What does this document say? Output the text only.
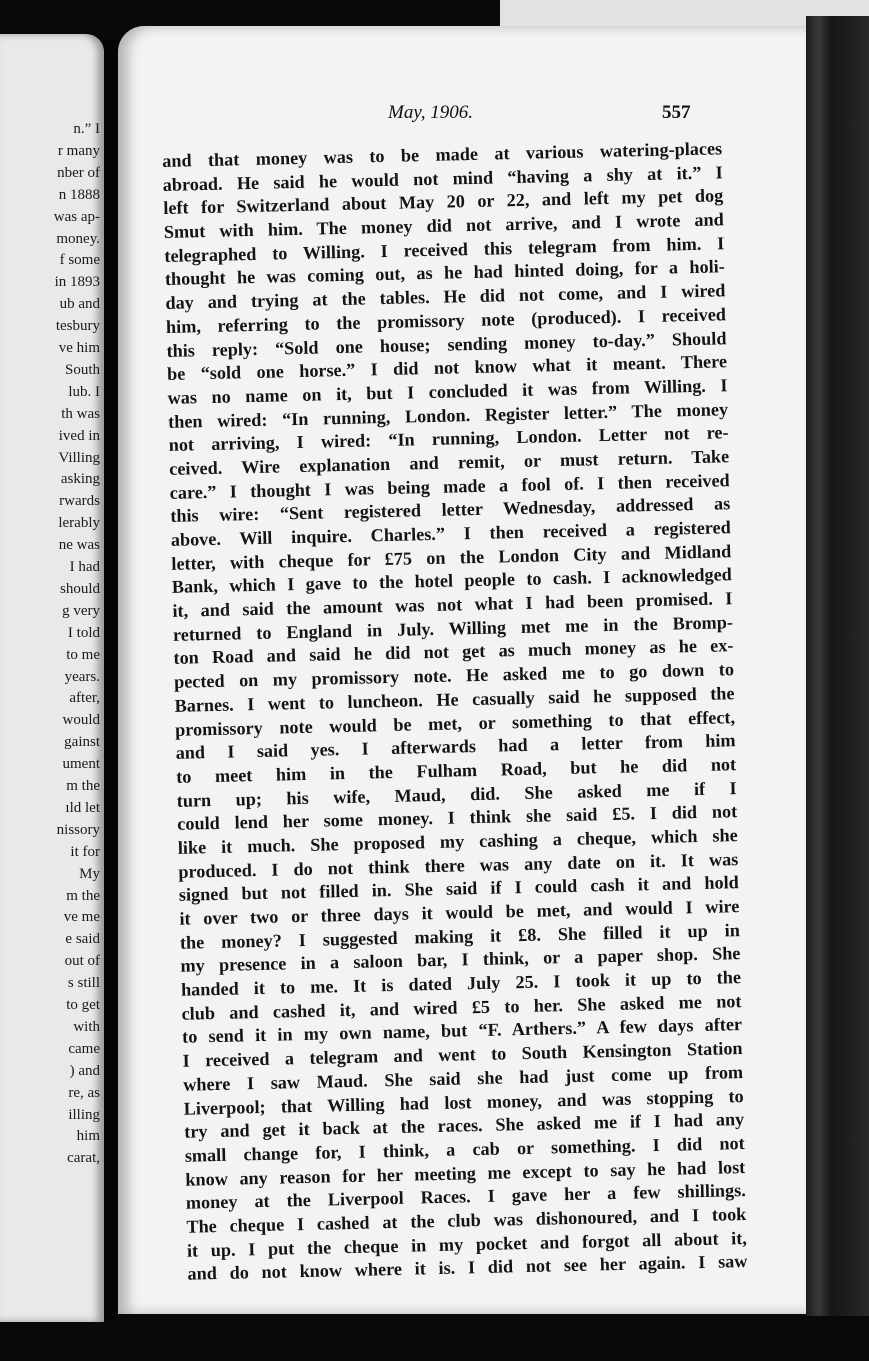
n.” I
r many
nber of
n 1888
was ap-
money.
f some
in 1893
ub and
tesbury
ve him
South
lub. I
th was
ived in
Villing
asking
rwards
lerably
ne was
I had
should
g very
I told
to me
years.
after,
would
gainst
ument
m the
ıld let
nissory
it for
My
m the
ve me
e said
out of
s still
to get
with
came
) and
re, as
illing
him
carat,
May, 1906.	557
and that money was to be made at various watering-places
abroad. He said he would not mind “having a shy at it.” I
left for Switzerland about May 20 or 22, and left my pet dog
Smut with him. The money did not arrive, and I wrote and
telegraphed to Willing. I received this telegram from him. I
thought he was coming out, as he had hinted doing, for a holi-
day and trying at the tables. He did not come, and I wired
him, referring to the promissory note (produced). I received
this reply: “Sold one house; sending money to-day.” Should
be “sold one horse.” I did not know what it meant. There
was no name on it, but I concluded it was from Willing. I
then wired: “In running, London. Register letter.” The money
not arriving, I wired: “In running, London. Letter not re-
ceived. Wire explanation and remit, or must return. Take
care.” I thought I was being made a fool of. I then received
this wire: “Sent registered letter Wednesday, addressed as
above. Will inquire. Charles.” I then received a registered
letter, with cheque for £75 on the London City and Midland
Bank, which I gave to the hotel people to cash. I acknowledged
it, and said the amount was not what I had been promised. I
returned to England in July. Willing met me in the Bromp-
ton Road and said he did not get as much money as he ex-
pected on my promissory note. He asked me to go down to
Barnes. I went to luncheon. He casually said he supposed the
promissory note would be met, or something to that effect,
and I said yes. I afterwards had a letter from him
to meet him in the Fulham Road, but he did not
turn up; his wife, Maud, did. She asked me if I
could lend her some money. I think she said £5. I did not
like it much. She proposed my cashing a cheque, which she
produced. I do not think there was any date on it. It was
signed but not filled in. She said if I could cash it and hold
it over two or three days it would be met, and would I wire
the money? I suggested making it £8. She filled it up in
my presence in a saloon bar, I think, or a paper shop. She
handed it to me. It is dated July 25. I took it up to the
club and cashed it, and wired £5 to her. She asked me not
to send it in my own name, but “F. Arthers.” A few days after
I received a telegram and went to South Kensington Station
where I saw Maud. She said she had just come up from
Liverpool; that Willing had lost money, and was stopping to
try and get it back at the races. She asked me if I had any
small change for, I think, a cab or something. I did not
know any reason for her meeting me except to say he had lost
money at the Liverpool Races. I gave her a few shillings.
The cheque I cashed at the club was dishonoured, and I took
it up. I put the cheque in my pocket and forgot all about it,
and do not know where it is. I did not see her again. I saw
